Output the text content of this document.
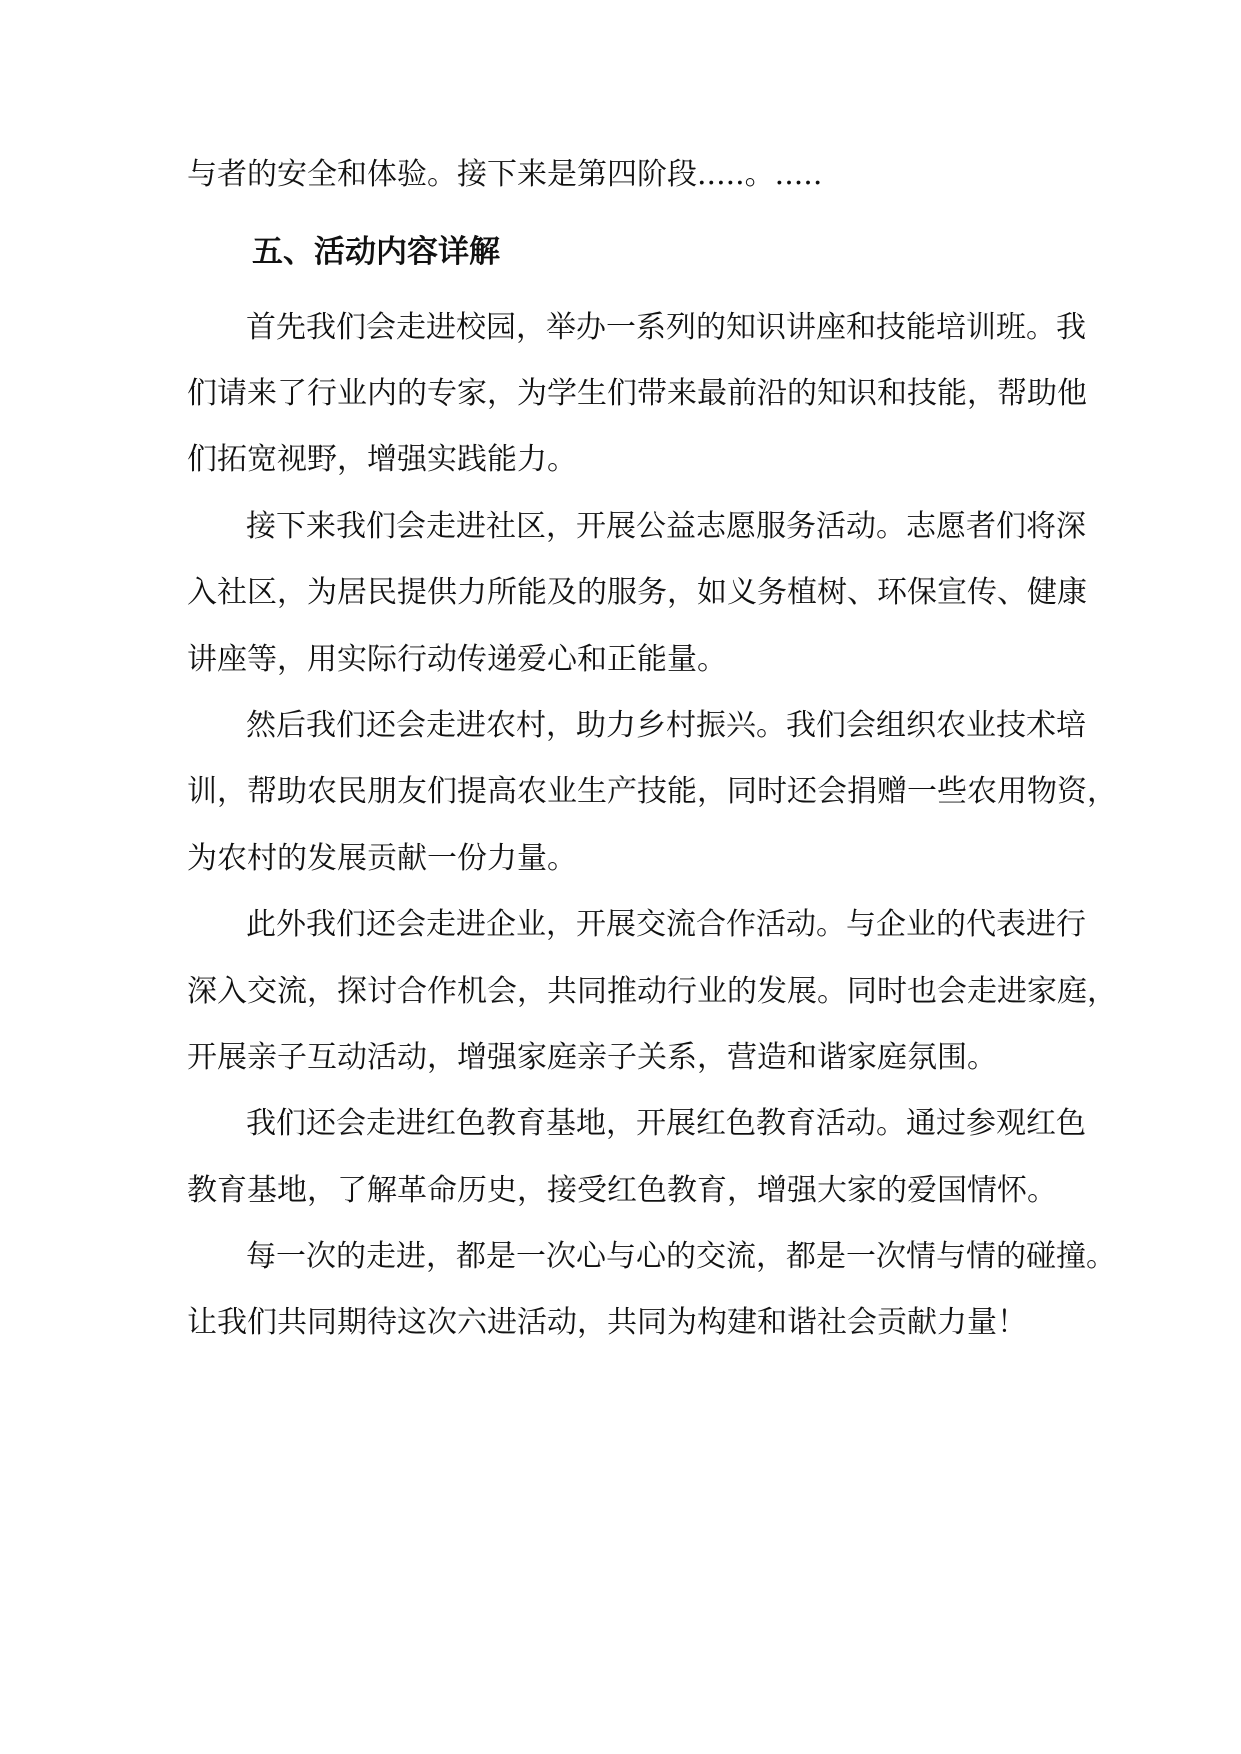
与者的安全和体验。接下来是第四阶段.....。.....
五、活动内容详解
首先我们会走进校园，举办一系列的知识讲座和技能培训班。我
们请来了行业内的专家，为学生们带来最前沿的知识和技能，帮助他
们拓宽视野，增强实践能力。
接下来我们会走进社区，开展公益志愿服务活动。志愿者们将深
入社区，为居民提供力所能及的服务，如义务植树、环保宣传、健康
讲座等，用实际行动传递爱心和正能量。
然后我们还会走进农村，助力乡村振兴。我们会组织农业技术培
训，帮助农民朋友们提高农业生产技能，同时还会捐赠一些农用物资，
为农村的发展贡献一份力量。
此外我们还会走进企业，开展交流合作活动。与企业的代表进行
深入交流，探讨合作机会，共同推动行业的发展。同时也会走进家庭，
开展亲子互动活动，增强家庭亲子关系，营造和谐家庭氛围。
我们还会走进红色教育基地，开展红色教育活动。通过参观红色
教育基地，了解革命历史，接受红色教育，增强大家的爱国情怀。
每一次的走进，都是一次心与心的交流，都是一次情与情的碰撞。
让我们共同期待这次六进活动，共同为构建和谐社会贡献力量！
